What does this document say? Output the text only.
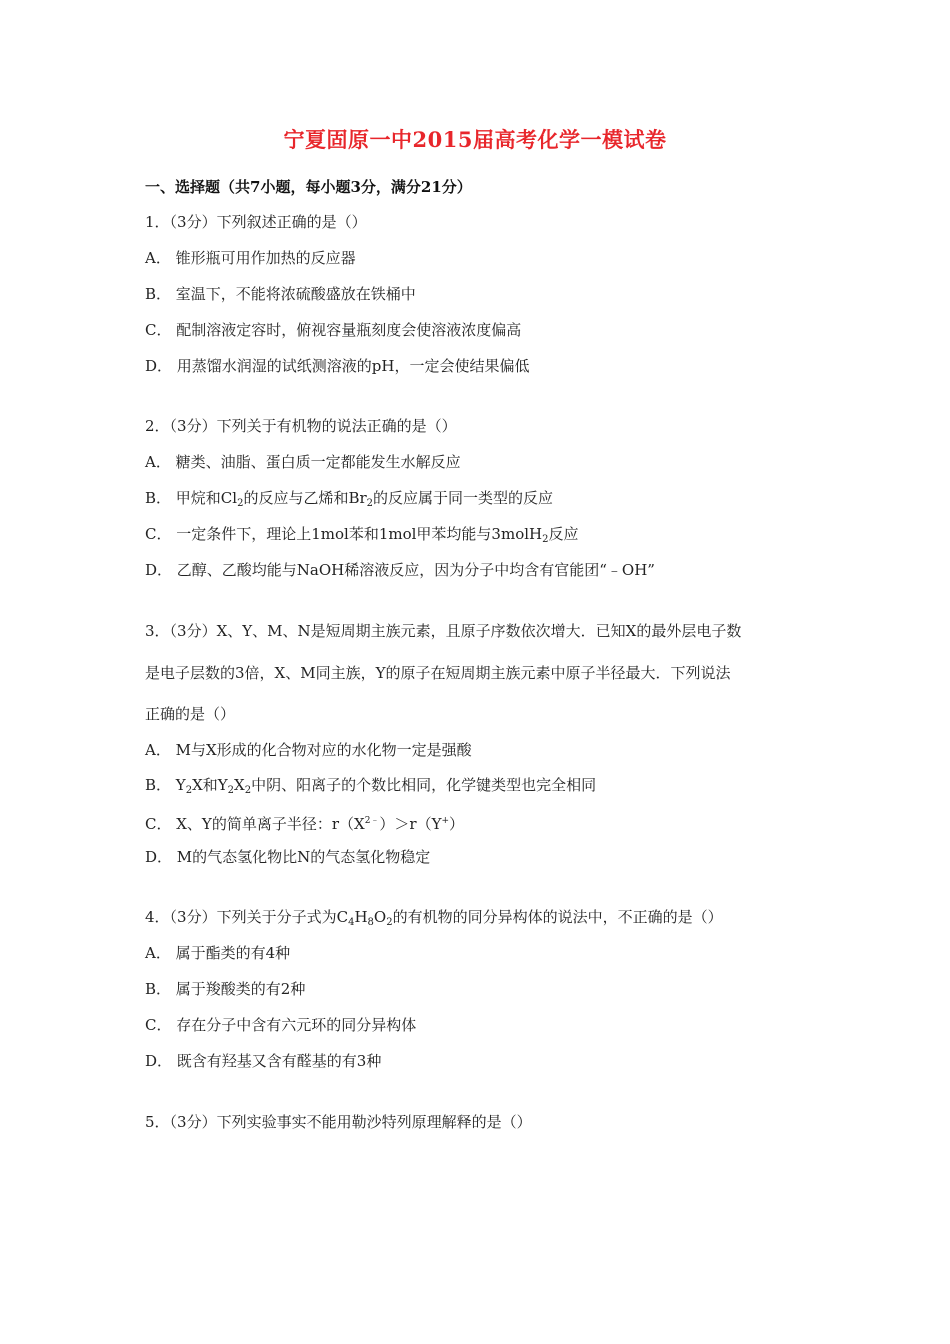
宁夏固原一中2015届高考化学一模试卷
一、选择题（共7小题，每小题3分，满分21分）
1．（3分）下列叙述正确的是（）
A． 锥形瓶可用作加热的反应器
B． 室温下，不能将浓硫酸盛放在铁桶中
C． 配制溶液定容时，俯视容量瓶刻度会使溶液浓度偏高
D． 用蒸馏水润湿的试纸测溶液的pH，一定会使结果偏低
2．（3分）下列关于有机物的说法正确的是（）
A． 糖类、油脂、蛋白质一定都能发生水解反应
B． 甲烷和$Cl_2$的反应与乙烯和$Br_2$的反应属于同一类型的反应
C． 一定条件下，理论上1mol苯和1mol甲苯均能与3molH$_2$反应
D． 乙醇、乙酸均能与NaOH稀溶液反应，因为分子中均含有官能团“﹣OH”
3．（3分）X、Y、M、N是短周期主族元素，且原子序数依次增大．已知X的最外层电子数
是电子层数的3倍，X、M同主族，Y的原子在短周期主族元素中原子半径最大．下列说法
正确的是（）
A． M与X形成的化合物对应的水化物一定是强酸
B． $Y_2X$和$Y_2X_2$中阴、阳离子的个数比相同，化学键类型也完全相同
C． X、Y的简单离子半径：$r(X^{2﹣})>r(Y^+)$
D． M的气态氢化物比N的气态氢化物稳定
4．（3分）下列关于分子式为$C_4H_8O_2$的有机物的同分异构体的说法中，不正确的是（）
A． 属于酯类的有4种
B． 属于羧酸类的有2种
C． 存在分子中含有六元环的同分异构体
D． 既含有羟基又含有醛基的有3种
5．（3分）下列实验事实不能用勒沙特列原理解释的是（）
